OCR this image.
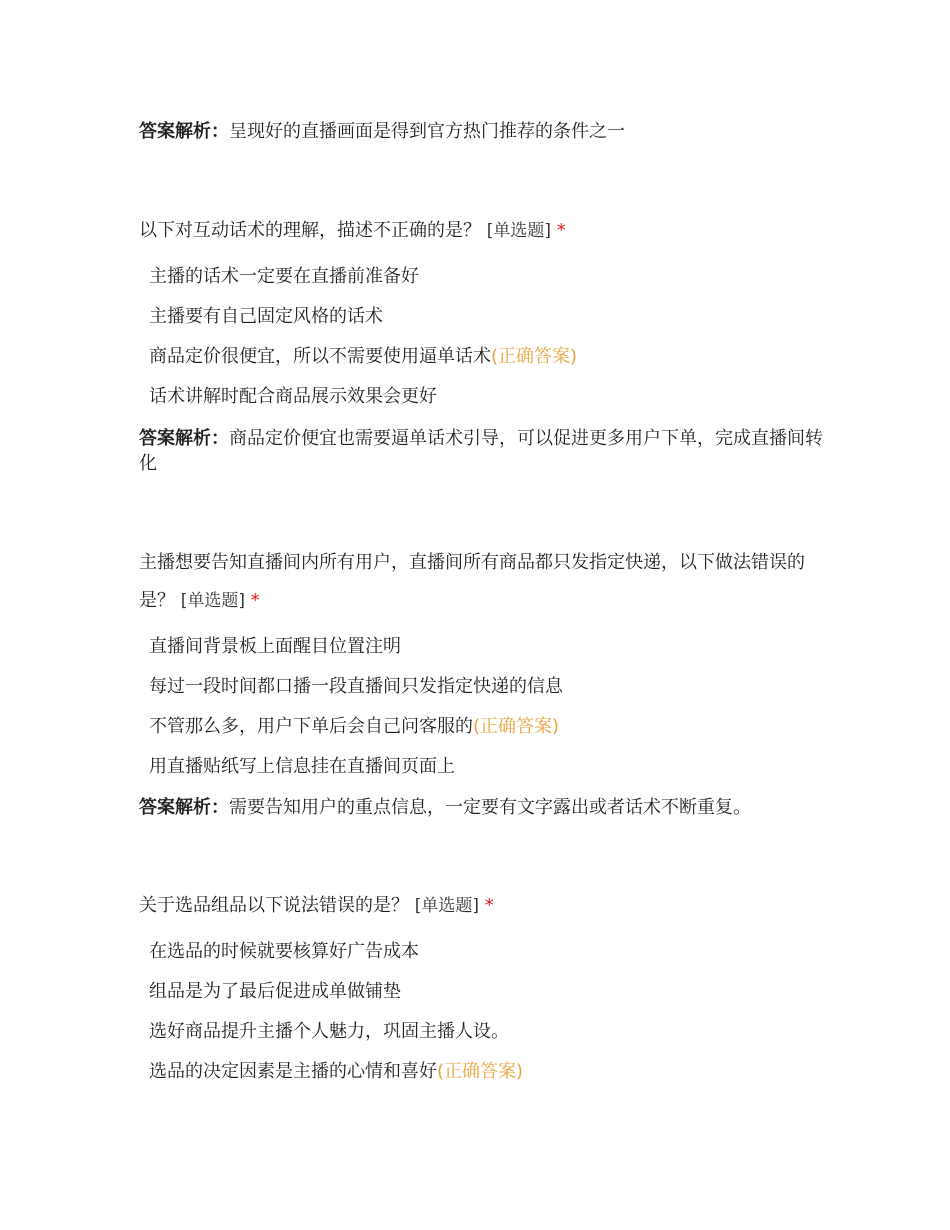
答案解析：呈现好的直播画面是得到官方热门推荐的条件之一
以下对互动话术的理解，描述不正确的是？ [单选题] *
主播的话术一定要在直播前准备好
主播要有自己固定风格的话术
商品定价很便宜，所以不需要使用逼单话术(正确答案)
话术讲解时配合商品展示效果会更好
答案解析：商品定价便宜也需要逼单话术引导，可以促进更多用户下单，完成直播间转化
主播想要告知直播间内所有用户，直播间所有商品都只发指定快递，以下做法错误的是？ [单选题] *
直播间背景板上面醒目位置注明
每过一段时间都口播一段直播间只发指定快递的信息
不管那么多，用户下单后会自己问客服的(正确答案)
用直播贴纸写上信息挂在直播间页面上
答案解析：需要告知用户的重点信息，一定要有文字露出或者话术不断重复。
关于选品组品以下说法错误的是？ [单选题] *
在选品的时候就要核算好广告成本
组品是为了最后促进成单做铺垫
选好商品提升主播个人魅力，巩固主播人设。
选品的决定因素是主播的心情和喜好(正确答案)
